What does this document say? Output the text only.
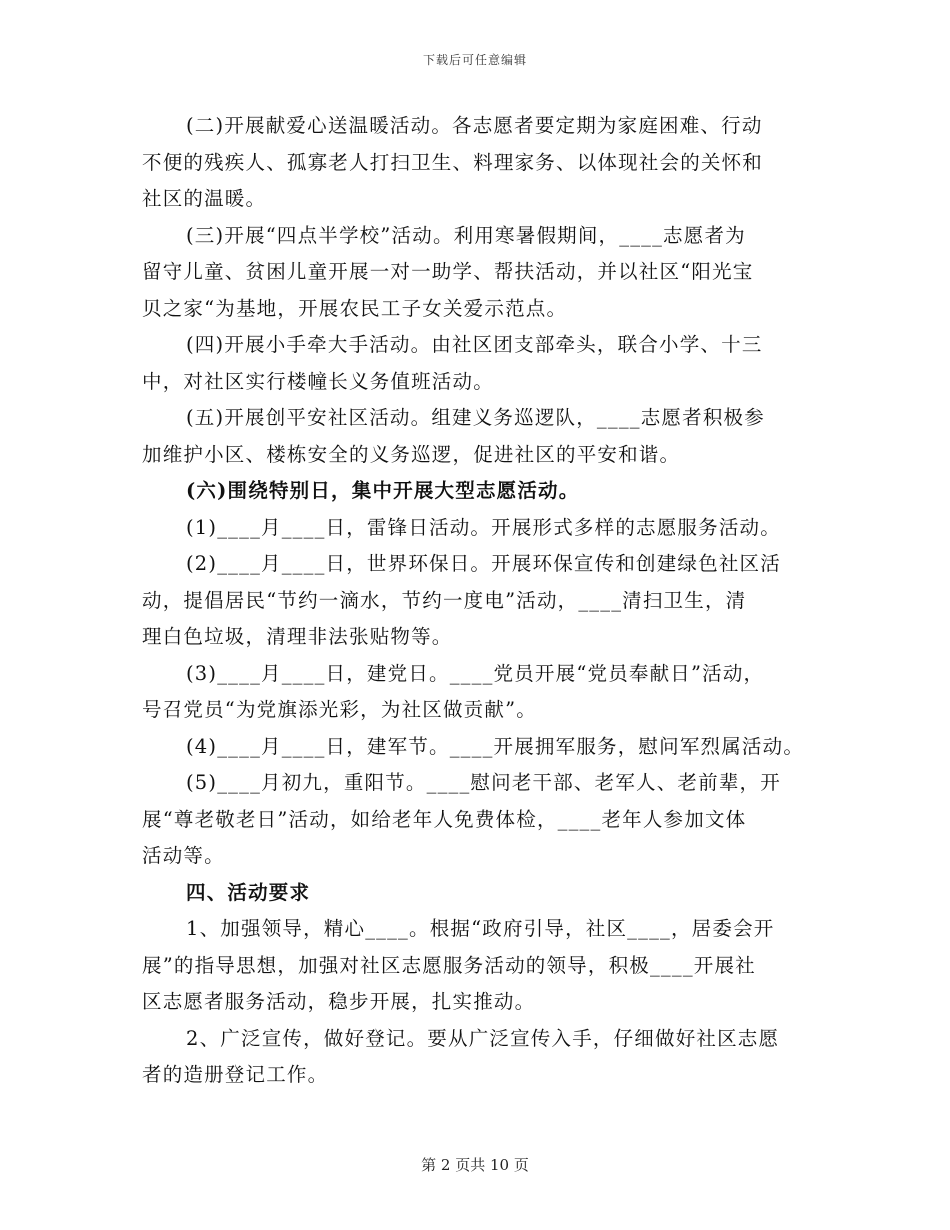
下载后可任意编辑

(二)开展献爱心送温暖活动。各志愿者要定期为家庭困难、行动

不便的残疾人、孤寡老人打扫卫生、料理家务、以体现社会的关怀和

社区的温暖。

(三)开展“四点半学校”活动。利用寒暑假期间，____志愿者为

留守儿童、贫困儿童开展一对一助学、帮扶活动，并以社区“阳光宝

贝之家“为基地，开展农民工子女关爱示范点。

(四)开展小手牵大手活动。由社区团支部牵头，联合小学、十三

中，对社区实行楼幢长义务值班活动。

(五)开展创平安社区活动。组建义务巡逻队，____志愿者积极参

加维护小区、楼栋安全的义务巡逻，促进社区的平安和谐。

(六)围绕特别日，集中开展大型志愿活动。

(1)____月____日，雷锋日活动。开展形式多样的志愿服务活动。

(2)____月____日，世界环保日。开展环保宣传和创建绿色社区活

动，提倡居民“节约一滴水，节约一度电”活动，____清扫卫生，清

理白色垃圾，清理非法张贴物等。

(3)____月____日，建党日。____党员开展“党员奉献日”活动，

号召党员“为党旗添光彩，为社区做贡献”。

(4)____月____日，建军节。____开展拥军服务，慰问军烈属活动。

(5)____月初九，重阳节。____慰问老干部、老军人、老前辈，开

展“尊老敬老日”活动，如给老年人免费体检，____老年人参加文体

活动等。

四、活动要求

1、加强领导，精心____。根据“政府引导，社区____，居委会开

展”的指导思想，加强对社区志愿服务活动的领导，积极____开展社

区志愿者服务活动，稳步开展，扎实推动。

2、广泛宣传，做好登记。要从广泛宣传入手，仔细做好社区志愿

者的造册登记工作。

第 2 页共 10 页
